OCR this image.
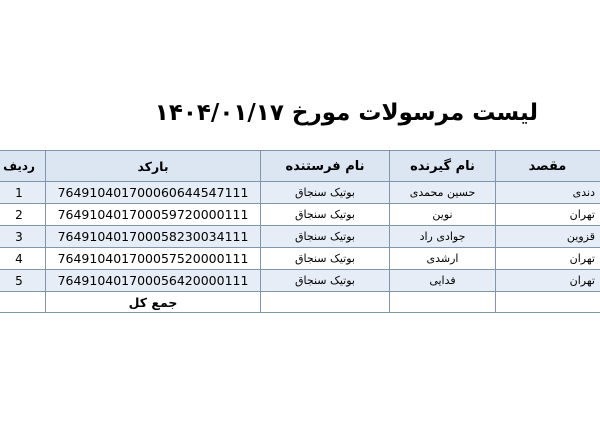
لیست مرسولات مورخ ۱۴۰۴/۰۱/۱۷
ردیف	بارکد	نام فرستنده	نام گیرنده	مقصد
1	764910401700060644547111	بوتیک سنجاق	حسین محمدی	دندی
2	764910401700059720000111	بوتیک سنجاق	نوین	تهران
3	764910401700058230034111	بوتیک سنجاق	جوادی راد	قزوین
4	764910401700057520000111	بوتیک سنجاق	ارشدی	تهران
5	764910401700056420000111	بوتیک سنجاق	فدایی	تهران
	جمع کل			
